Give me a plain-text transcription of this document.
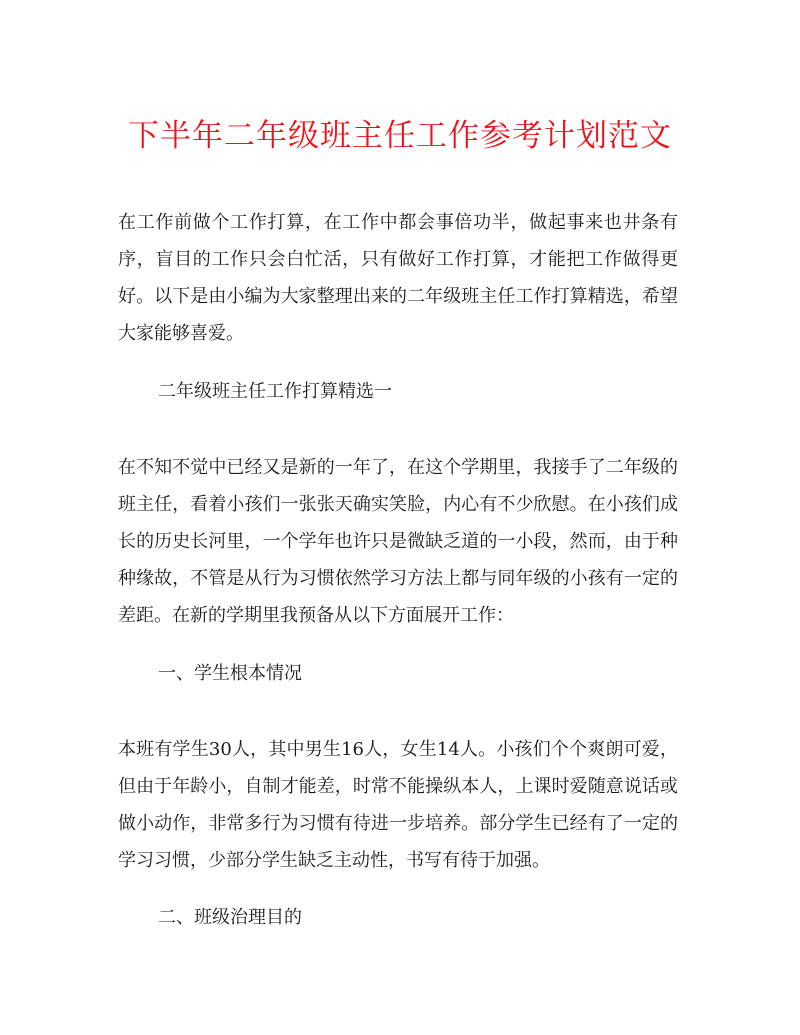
下半年二年级班主任工作参考计划范文

在工作前做个工作打算，在工作中都会事倍功半，做起事来也井条有序，盲目的工作只会白忙活，只有做好工作打算，才能把工作做得更好。以下是由小编为大家整理出来的二年级班主任工作打算精选，希望大家能够喜爱。

二年级班主任工作打算精选一

在不知不觉中已经又是新的一年了，在这个学期里，我接手了二年级的班主任，看着小孩们一张张天确实笑脸，内心有不少欣慰。在小孩们成长的历史长河里，一个学年也许只是微缺乏道的一小段，然而，由于种种缘故，不管是从行为习惯依然学习方法上都与同年级的小孩有一定的差距。在新的学期里我预备从以下方面展开工作：

一、学生根本情况

本班有学生30人，其中男生16人，女生14人。小孩们个个爽朗可爱，但由于年龄小，自制才能差，时常不能操纵本人，上课时爱随意说话或做小动作，非常多行为习惯有待进一步培养。部分学生已经有了一定的学习习惯，少部分学生缺乏主动性，书写有待于加强。

二、班级治理目的
